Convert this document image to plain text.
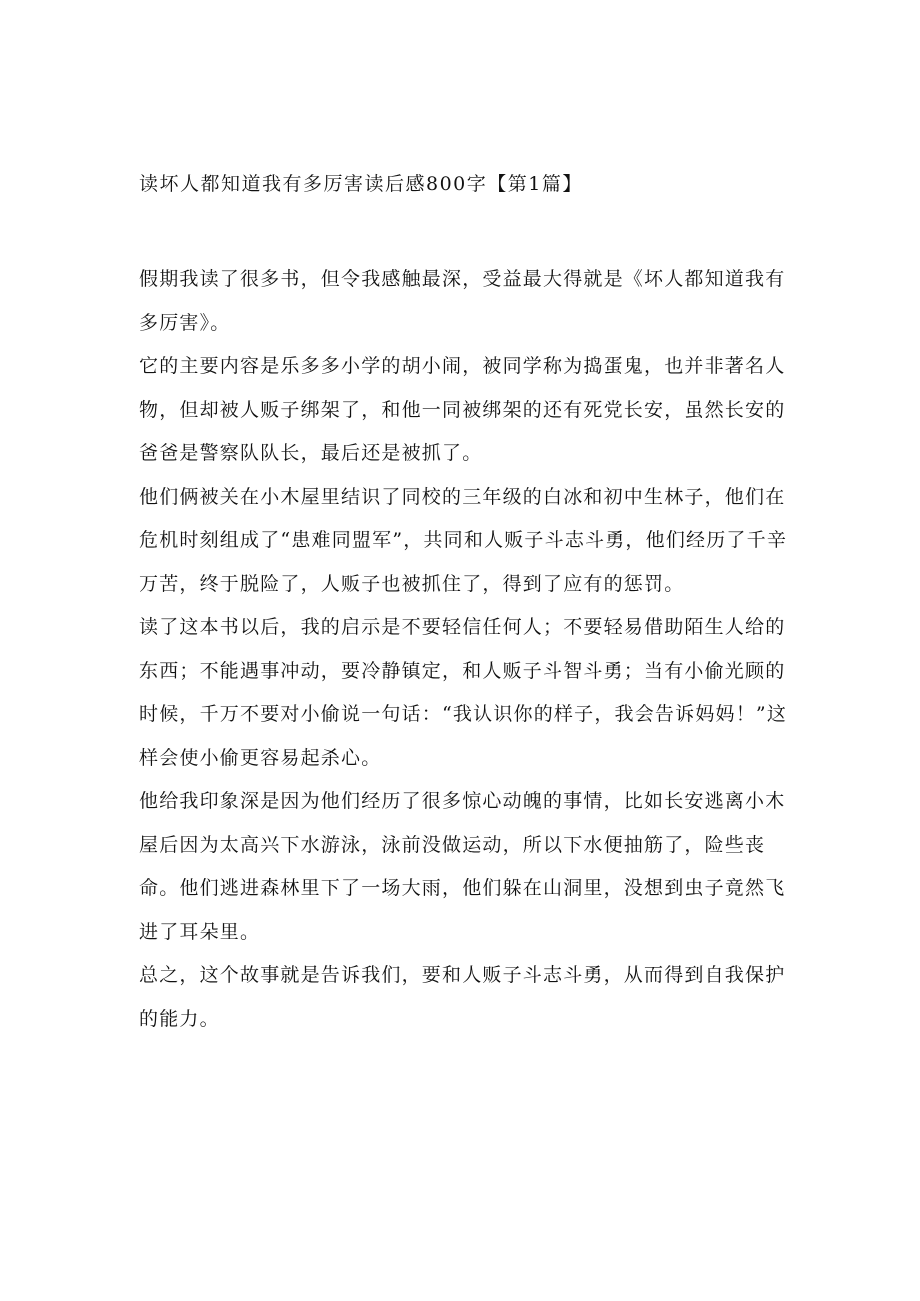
读坏人都知道我有多厉害读后感800字【第1篇】

假期我读了很多书，但令我感触最深，受益最大得就是《坏人都知道我有多厉害》。

它的主要内容是乐多多小学的胡小闹，被同学称为捣蛋鬼，也并非著名人物，但却被人贩子绑架了，和他一同被绑架的还有死党长安，虽然长安的爸爸是警察队队长，最后还是被抓了。

他们俩被关在小木屋里结识了同校的三年级的白冰和初中生林子，他们在危机时刻组成了“患难同盟军”，共同和人贩子斗志斗勇，他们经历了千辛万苦，终于脱险了，人贩子也被抓住了，得到了应有的惩罚。

读了这本书以后，我的启示是不要轻信任何人；不要轻易借助陌生人给的东西；不能遇事冲动，要冷静镇定，和人贩子斗智斗勇；当有小偷光顾的时候，千万不要对小偷说一句话：“我认识你的样子，我会告诉妈妈！”这样会使小偷更容易起杀心。

他给我印象深是因为他们经历了很多惊心动魄的事情，比如长安逃离小木屋后因为太高兴下水游泳，泳前没做运动，所以下水便抽筋了，险些丧命。他们逃进森林里下了一场大雨，他们躲在山洞里，没想到虫子竟然飞进了耳朵里。

总之，这个故事就是告诉我们，要和人贩子斗志斗勇，从而得到自我保护的能力。
